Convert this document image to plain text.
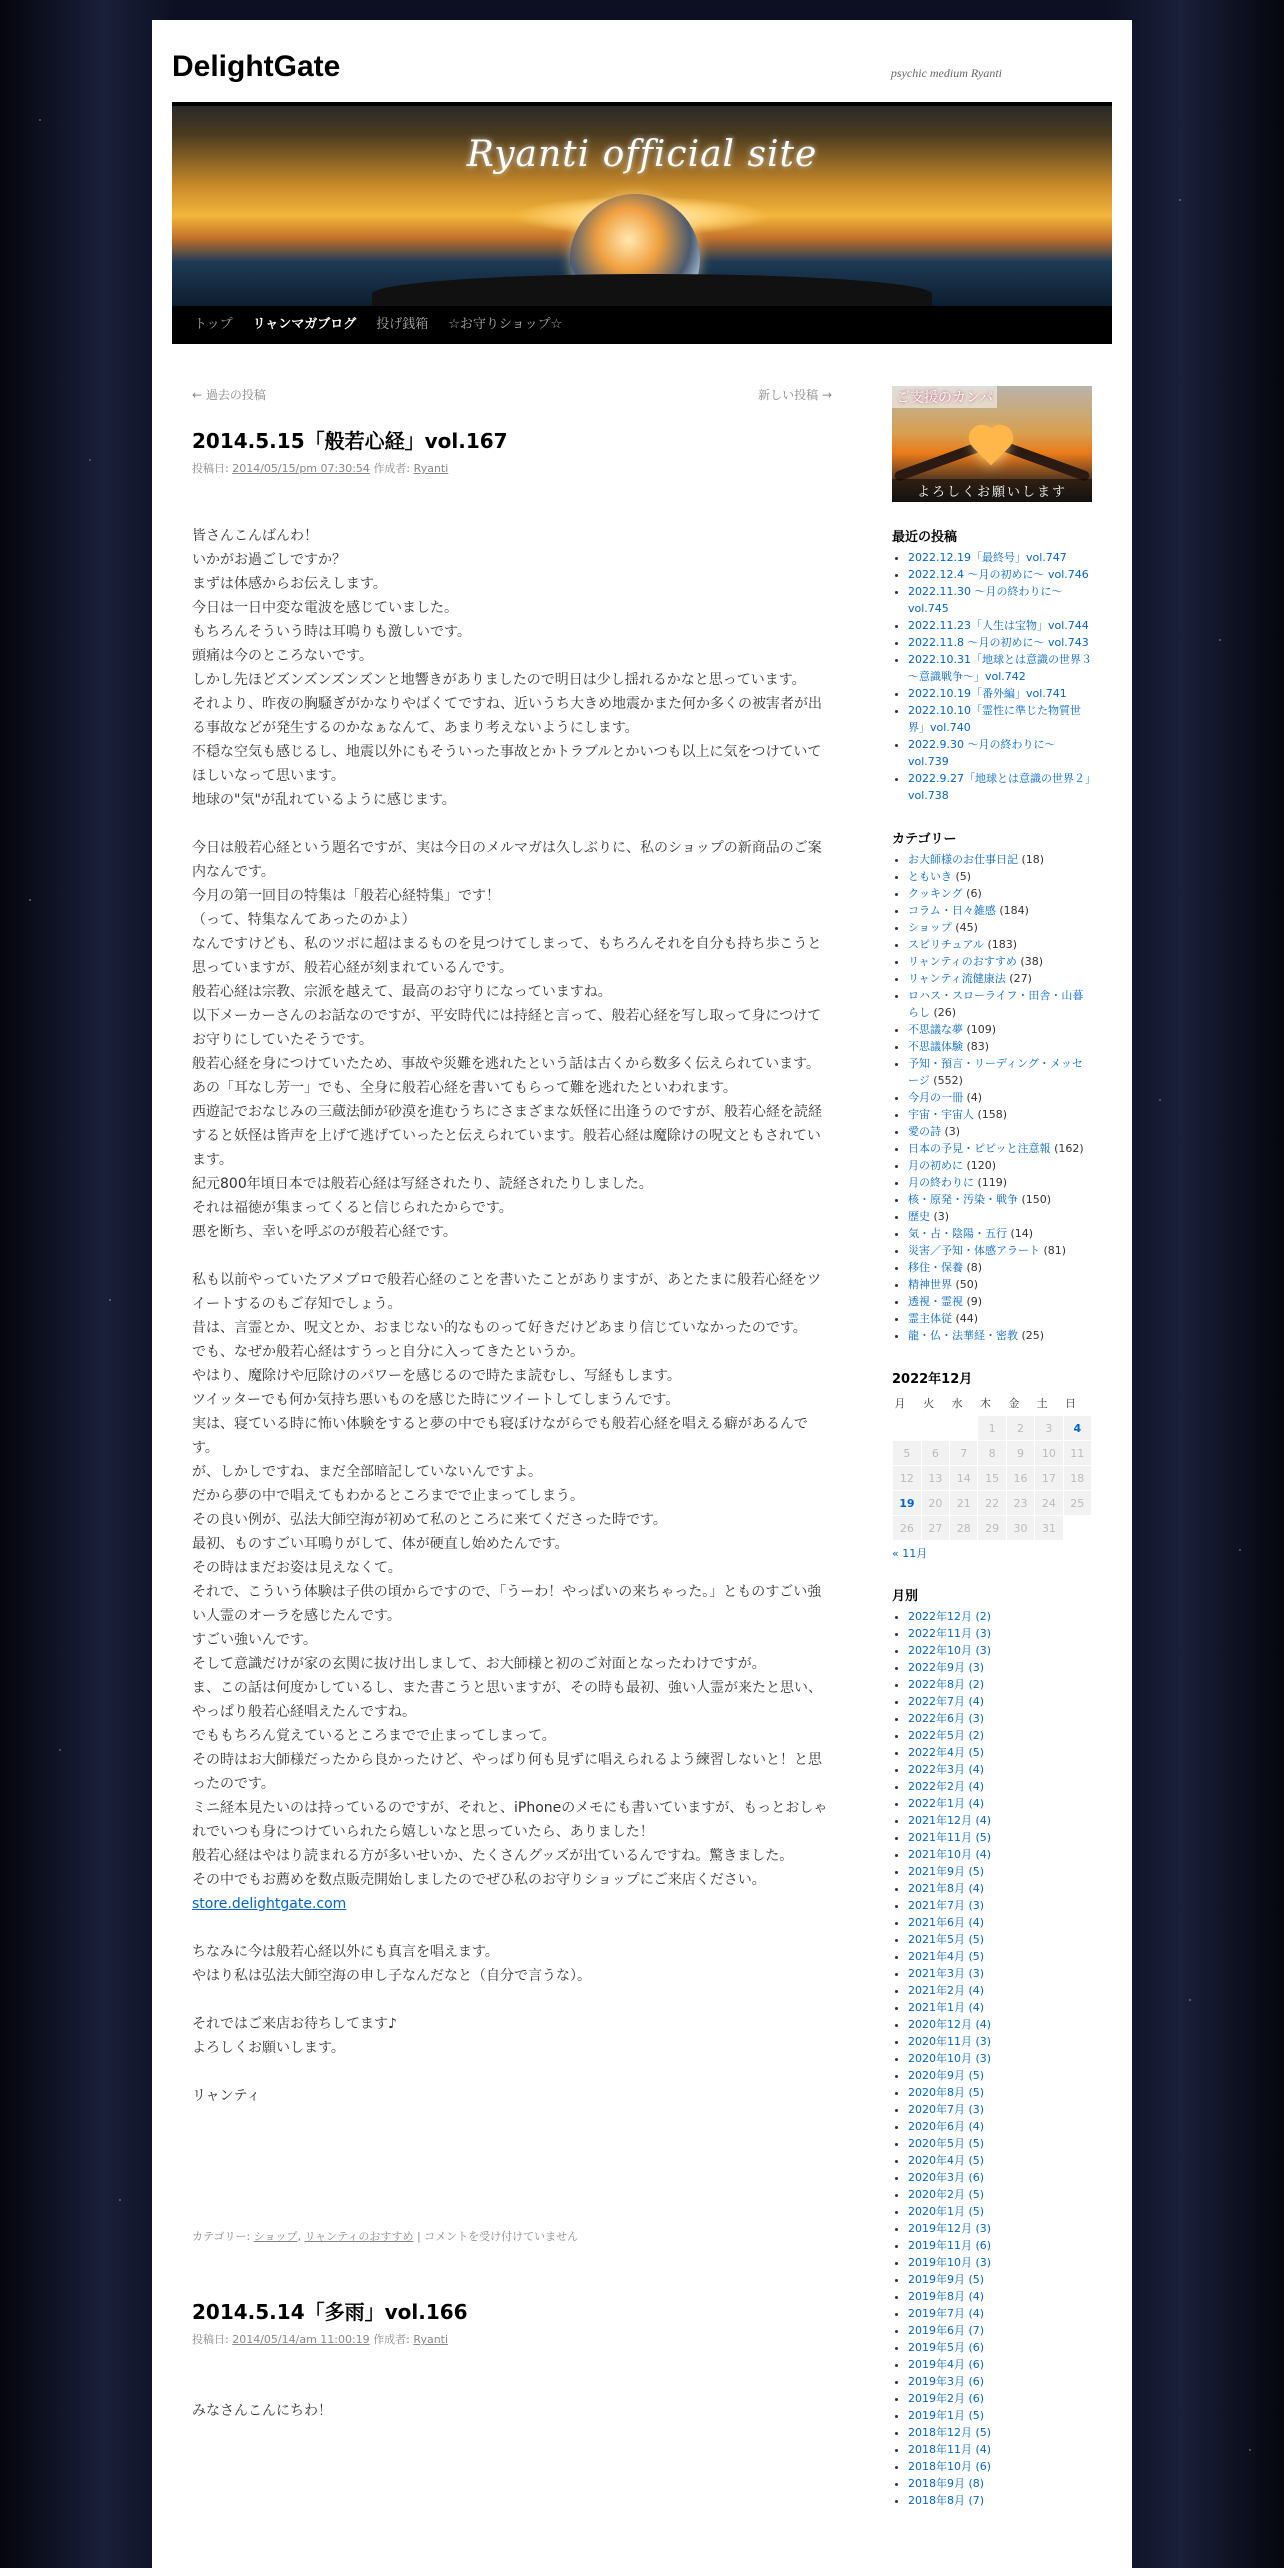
DelightGate	psychic medium Ryanti
Ryanti official site
トップ リャンマガブログ 投げ銭箱 ☆お守りショップ☆
← 過去の投稿	新しい投稿 →
2014.5.15「般若心経」vol.167
投稿日: 2014/05/15/pm 07:30:54 作成者: Ryanti

皆さんこんばんわ！

いかがお過ごしですか？

まずは体感からお伝えします。

今日は一日中変な電波を感じていました。

もちろんそういう時は耳鳴りも激しいです。

頭痛は今のところないです。

しかし先ほどズンズンズンズンと地響きがありましたので明日は少し揺れるかなと思っています。

それより、昨夜の胸騒ぎがかなりやばくてですね、近いうち大きめ地震かまた何か多くの被害者が出る事故などが発生するのかなぁなんて、あまり考えないようにします。

不穏な空気も感じるし、地震以外にもそういった事故とかトラブルとかいつも以上に気をつけていてほしいなって思います。

地球の"気"が乱れているように感じます。

今日は般若心経という題名ですが、実は今日のメルマガは久しぶりに、私のショップの新商品のご案内なんです。

今月の第一回目の特集は「般若心経特集」です！

（って、特集なんてあったのかよ）

なんですけども、私のツボに超はまるものを見つけてしまって、もちろんそれを自分も持ち歩こうと思っていますが、般若心経が刻まれているんです。

般若心経は宗教、宗派を越えて、最高のお守りになっていますね。

以下メーカーさんのお話なのですが、平安時代には持経と言って、般若心経を写し取って身につけてお守りにしていたそうです。

般若心経を身につけていたため、事故や災難を逃れたという話は古くから数多く伝えられています。

あの「耳なし芳一」でも、全身に般若心経を書いてもらって難を逃れたといわれます。

西遊記でおなじみの三蔵法師が砂漠を進むうちにさまざまな妖怪に出逢うのですが、般若心経を読経すると妖怪は皆声を上げて逃げていったと伝えられています。般若心経は魔除けの呪文ともされています。

紀元800年頃日本では般若心経は写経されたり、読経されたりしました。

それは福徳が集まってくると信じられたからです。

悪を断ち、幸いを呼ぶのが般若心経です。

私も以前やっていたアメブロで般若心経のことを書いたことがありますが、あとたまに般若心経をツイートするのもご存知でしょう。

昔は、言霊とか、呪文とか、おまじない的なものって好きだけどあまり信じていなかったのです。

でも、なぜか般若心経はすうっと自分に入ってきたというか。

やはり、魔除けや厄除けのパワーを感じるので時たま読むし、写経もします。

ツイッターでも何か気持ち悪いものを感じた時にツイートしてしまうんです。

実は、寝ている時に怖い体験をすると夢の中でも寝ぼけながらでも般若心経を唱える癖があるんです。

が、しかしですね、まだ全部暗記していないんですよ。

だから夢の中で唱えてもわかるところまでで止まってしまう。

その良い例が、弘法大師空海が初めて私のところに来てくださった時です。

最初、ものすごい耳鳴りがして、体が硬直し始めたんです。

その時はまだお姿は見えなくて。

それで、こういう体験は子供の頃からですので、「うーわ！やっぱいの来ちゃった。」とものすごい強い人霊のオーラを感じたんです。

すごい強いんです。

そして意識だけが家の玄関に抜け出しまして、お大師様と初のご対面となったわけですが。

ま、この話は何度かしているし、また書こうと思いますが、その時も最初、強い人霊が来たと思い、やっぱり般若心経唱えたんですね。

でももちろん覚えているところまでで止まってしまって。

その時はお大師様だったから良かったけど、やっぱり何も見ずに唱えられるよう練習しないと！と思ったのです。

ミニ経本見たいのは持っているのですが、それと、iPhoneのメモにも書いていますが、もっとおしゃれでいつも身につけていられたら嬉しいなと思っていたら、ありました！

般若心経はやはり読まれる方が多いせいか、たくさんグッズが出ているんですね。驚きました。

その中でもお薦めを数点販売開始しましたのでぜひ私のお守りショップにご来店ください。

store.delightgate.com

ちなみに今は般若心経以外にも真言を唱えます。

やはり私は弘法大師空海の申し子なんだなと（自分で言うな）。

それではご来店お待ちしてます♪

よろしくお願いします。

リャンティ

カテゴリー: ショップ, リャンティのおすすめ | コメントを受け付けていません
2014.5.14「多雨」vol.166
投稿日: 2014/05/14/am 11:00:19 作成者: Ryanti

みなさんこんにちわ！

ご支援のカンパ
よろしくお願いします
最近の投稿
• 2022.12.19「最終号」vol.747
• 2022.12.4 ～月の初めに～ vol.746
• 2022.11.30 ～月の終わりに～ vol.745
• 2022.11.23「人生は宝物」vol.744
• 2022.11.8 ～月の初めに～ vol.743
• 2022.10.31「地球とは意識の世界３～意識戦争～」vol.742
• 2022.10.19「番外編」vol.741
• 2022.10.10「霊性に準じた物質世界」vol.740
• 2022.9.30 ～月の終わりに～ vol.739
• 2022.9.27「地球とは意識の世界２」vol.738
カテゴリー
• お大師様のお仕事日記 (18)
• ともいき (5)
• クッキング (6)
• コラム・日々雑感 (184)
• ショップ (45)
• スピリチュアル (183)
• リャンティのおすすめ (38)
• リャンティ流健康法 (27)
• ロハス・スローライフ・田舎・山暮らし (26)
• 不思議な夢 (109)
• 不思議体験 (83)
• 予知・預言・リーディング・メッセージ (552)
• 今月の一冊 (4)
• 宇宙・宇宙人 (158)
• 愛の詩 (3)
• 日本の予見・ピピッと注意報 (162)
• 月の初めに (120)
• 月の終わりに (119)
• 核・原発・汚染・戦争 (150)
• 歴史 (3)
• 気・占・陰陽・五行 (14)
• 災害／予知・体感アラート (81)
• 移住・保養 (8)
• 精神世界 (50)
• 透視・霊視 (9)
• 霊主体従 (44)
• 龍・仏・法華経・密教 (25)
2022年12月
月	火	水	木	金	土	日
			1	2	3	4
5	6	7	8	9	10	11
12	13	14	15	16	17	18
19	20	21	22	23	24	25
26	27	28	29	30	31	
« 11月
月別
• 2022年12月 (2)
• 2022年11月 (3)
• 2022年10月 (3)
• 2022年9月 (3)
• 2022年8月 (2)
• 2022年7月 (4)
• 2022年6月 (3)
• 2022年5月 (2)
• 2022年4月 (5)
• 2022年3月 (4)
• 2022年2月 (4)
• 2022年1月 (4)
• 2021年12月 (4)
• 2021年11月 (5)
• 2021年10月 (4)
• 2021年9月 (5)
• 2021年8月 (4)
• 2021年7月 (3)
• 2021年6月 (4)
• 2021年5月 (5)
• 2021年4月 (5)
• 2021年3月 (3)
• 2021年2月 (4)
• 2021年1月 (4)
• 2020年12月 (4)
• 2020年11月 (3)
• 2020年10月 (3)
• 2020年9月 (5)
• 2020年8月 (5)
• 2020年7月 (3)
• 2020年6月 (4)
• 2020年5月 (5)
• 2020年4月 (5)
• 2020年3月 (6)
• 2020年2月 (5)
• 2020年1月 (5)
• 2019年12月 (3)
• 2019年11月 (6)
• 2019年10月 (3)
• 2019年9月 (5)
• 2019年8月 (4)
• 2019年7月 (4)
• 2019年6月 (7)
• 2019年5月 (6)
• 2019年4月 (6)
• 2019年3月 (6)
• 2019年2月 (6)
• 2019年1月 (5)
• 2018年12月 (5)
• 2018年11月 (4)
• 2018年10月 (6)
• 2018年9月 (8)
• 2018年8月 (7)
